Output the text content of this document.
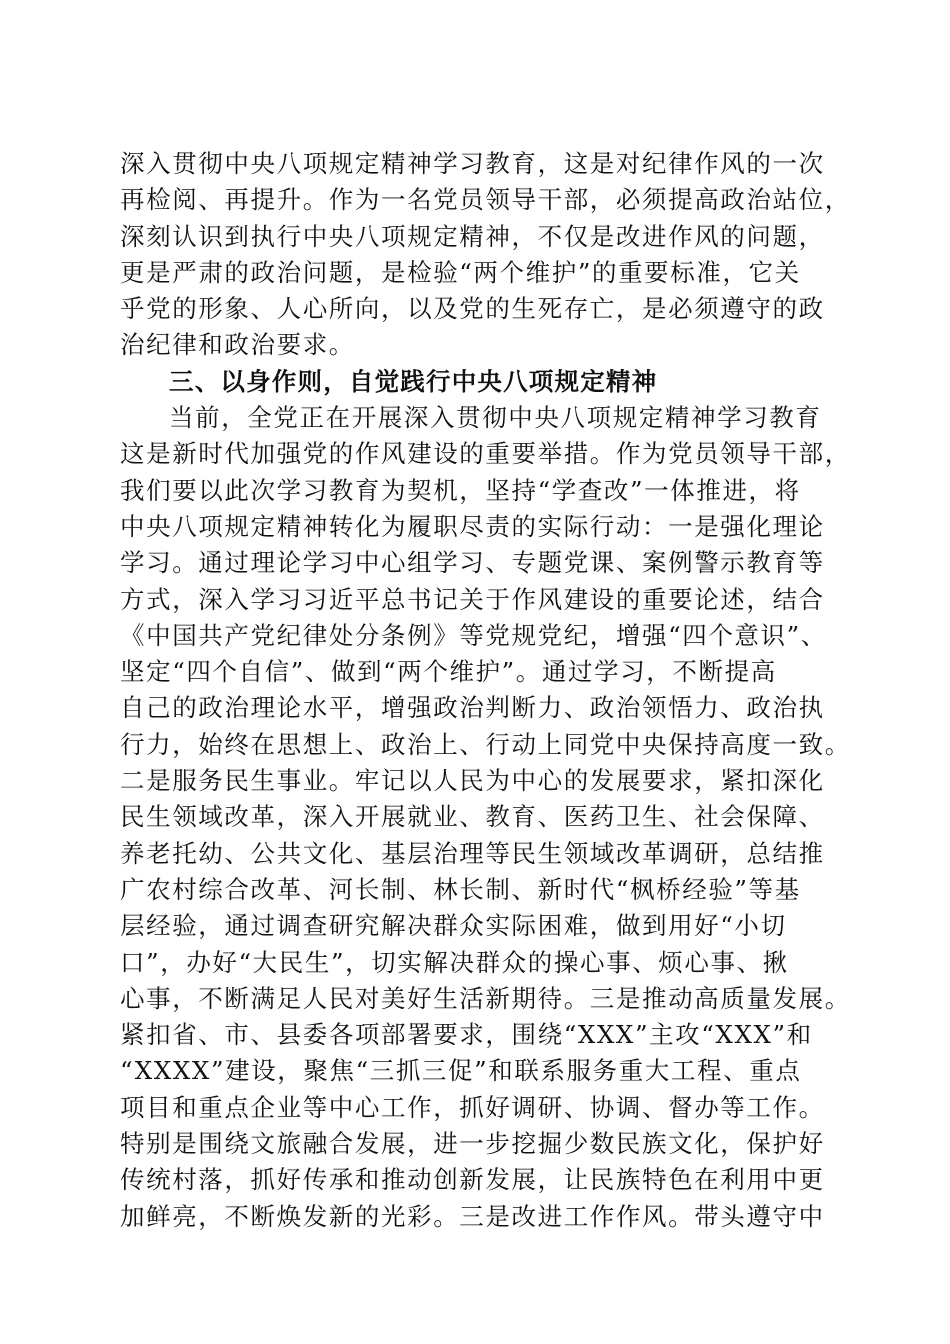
深入贯彻中央八项规定精神学习教育，这是对纪律作风的一次
再检阅、再提升。作为一名党员领导干部，必须提高政治站位，
深刻认识到执行中央八项规定精神，不仅是改进作风的问题，
更是严肃的政治问题，是检验“两个维护”的重要标准，它关
乎党的形象、人心所向，以及党的生死存亡，是必须遵守的政
治纪律和政治要求。
三、以身作则，自觉践行中央八项规定精神
当前，全党正在开展深入贯彻中央八项规定精神学习教育
这是新时代加强党的作风建设的重要举措。作为党员领导干部，
我们要以此次学习教育为契机，坚持“学查改”一体推进，将
中央八项规定精神转化为履职尽责的实际行动：一是强化理论
学习。通过理论学习中心组学习、专题党课、案例警示教育等
方式，深入学习习近平总书记关于作风建设的重要论述，结合
《中国共产党纪律处分条例》等党规党纪，增强“四个意识”、
坚定“四个自信”、做到“两个维护”。通过学习，不断提高
自己的政治理论水平，增强政治判断力、政治领悟力、政治执
行力，始终在思想上、政治上、行动上同党中央保持高度一致。
二是服务民生事业。牢记以人民为中心的发展要求，紧扣深化
民生领域改革，深入开展就业、教育、医药卫生、社会保障、
养老托幼、公共文化、基层治理等民生领域改革调研，总结推
广农村综合改革、河长制、林长制、新时代“枫桥经验”等基
层经验，通过调查研究解决群众实际困难，做到用好“小切
口”，办好“大民生”，切实解决群众的操心事、烦心事、揪
心事，不断满足人民对美好生活新期待。三是推动高质量发展。
紧扣省、市、县委各项部署要求，围绕“XXX”主攻“XXX”和
“XXXX”建设，聚焦“三抓三促”和联系服务重大工程、重点
项目和重点企业等中心工作，抓好调研、协调、督办等工作。
特别是围绕文旅融合发展，进一步挖掘少数民族文化，保护好
传统村落，抓好传承和推动创新发展，让民族特色在利用中更
加鲜亮，不断焕发新的光彩。三是改进工作作风。带头遵守中
